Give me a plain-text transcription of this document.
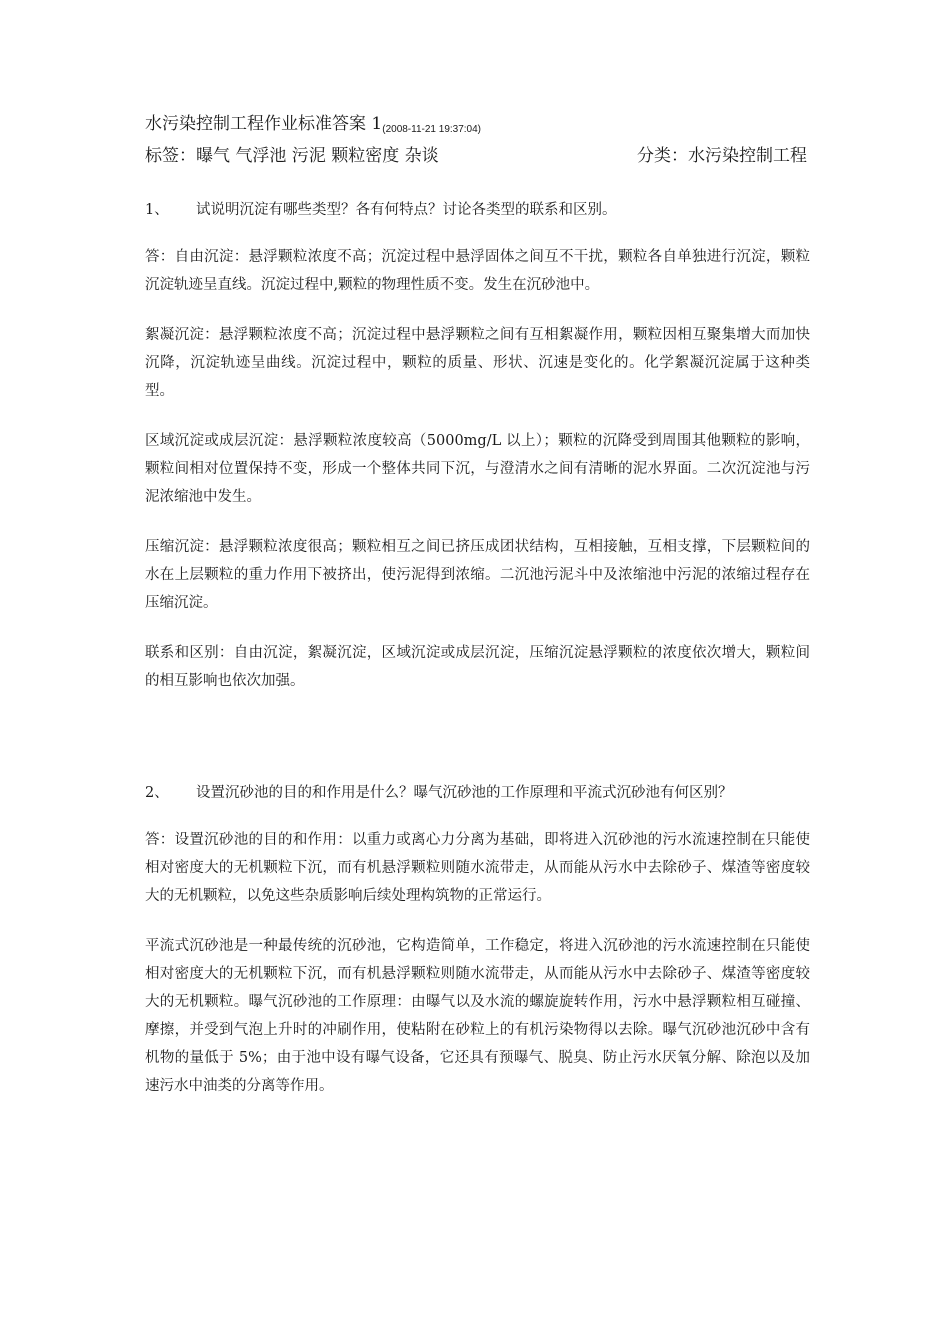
水污染控制工程作业标准答案 1(2008-11-21 19:37:04)
标签：曝气 气浮池 污泥 颗粒密度 杂谈	分类：水污染控制工程
1、	试说明沉淀有哪些类型？各有何特点？讨论各类型的联系和区别。

答：自由沉淀：悬浮颗粒浓度不高；沉淀过程中悬浮固体之间互不干扰，颗粒各自单独进行沉淀，颗粒沉淀轨迹呈直线。沉淀过程中,颗粒的物理性质不变。发生在沉砂池中。

絮凝沉淀：悬浮颗粒浓度不高；沉淀过程中悬浮颗粒之间有互相絮凝作用，颗粒因相互聚集增大而加快沉降，沉淀轨迹呈曲线。沉淀过程中，颗粒的质量、形状、沉速是变化的。化学絮凝沉淀属于这种类型。

区域沉淀或成层沉淀：悬浮颗粒浓度较高（5000mg/L 以上）；颗粒的沉降受到周围其他颗粒的影响，颗粒间相对位置保持不变，形成一个整体共同下沉，与澄清水之间有清晰的泥水界面。二次沉淀池与污泥浓缩池中发生。

压缩沉淀：悬浮颗粒浓度很高；颗粒相互之间已挤压成团状结构，互相接触，互相支撑，下层颗粒间的水在上层颗粒的重力作用下被挤出，使污泥得到浓缩。二沉池污泥斗中及浓缩池中污泥的浓缩过程存在压缩沉淀。

联系和区别：自由沉淀，絮凝沉淀，区域沉淀或成层沉淀，压缩沉淀悬浮颗粒的浓度依次增大，颗粒间的相互影响也依次加强。

2、	设置沉砂池的目的和作用是什么？曝气沉砂池的工作原理和平流式沉砂池有何区别？

答：设置沉砂池的目的和作用：以重力或离心力分离为基础，即将进入沉砂池的污水流速控制在只能使相对密度大的无机颗粒下沉，而有机悬浮颗粒则随水流带走，从而能从污水中去除砂子、煤渣等密度较大的无机颗粒，以免这些杂质影响后续处理构筑物的正常运行。

平流式沉砂池是一种最传统的沉砂池，它构造简单，工作稳定，将进入沉砂池的污水流速控制在只能使相对密度大的无机颗粒下沉，而有机悬浮颗粒则随水流带走，从而能从污水中去除砂子、煤渣等密度较大的无机颗粒。曝气沉砂池的工作原理：由曝气以及水流的螺旋旋转作用，污水中悬浮颗粒相互碰撞、摩擦，并受到气泡上升时的冲刷作用，使粘附在砂粒上的有机污染物得以去除。曝气沉砂池沉砂中含有机物的量低于 5%；由于池中设有曝气设备，它还具有预曝气、脱臭、防止污水厌氧分解、除泡以及加速污水中油类的分离等作用。
